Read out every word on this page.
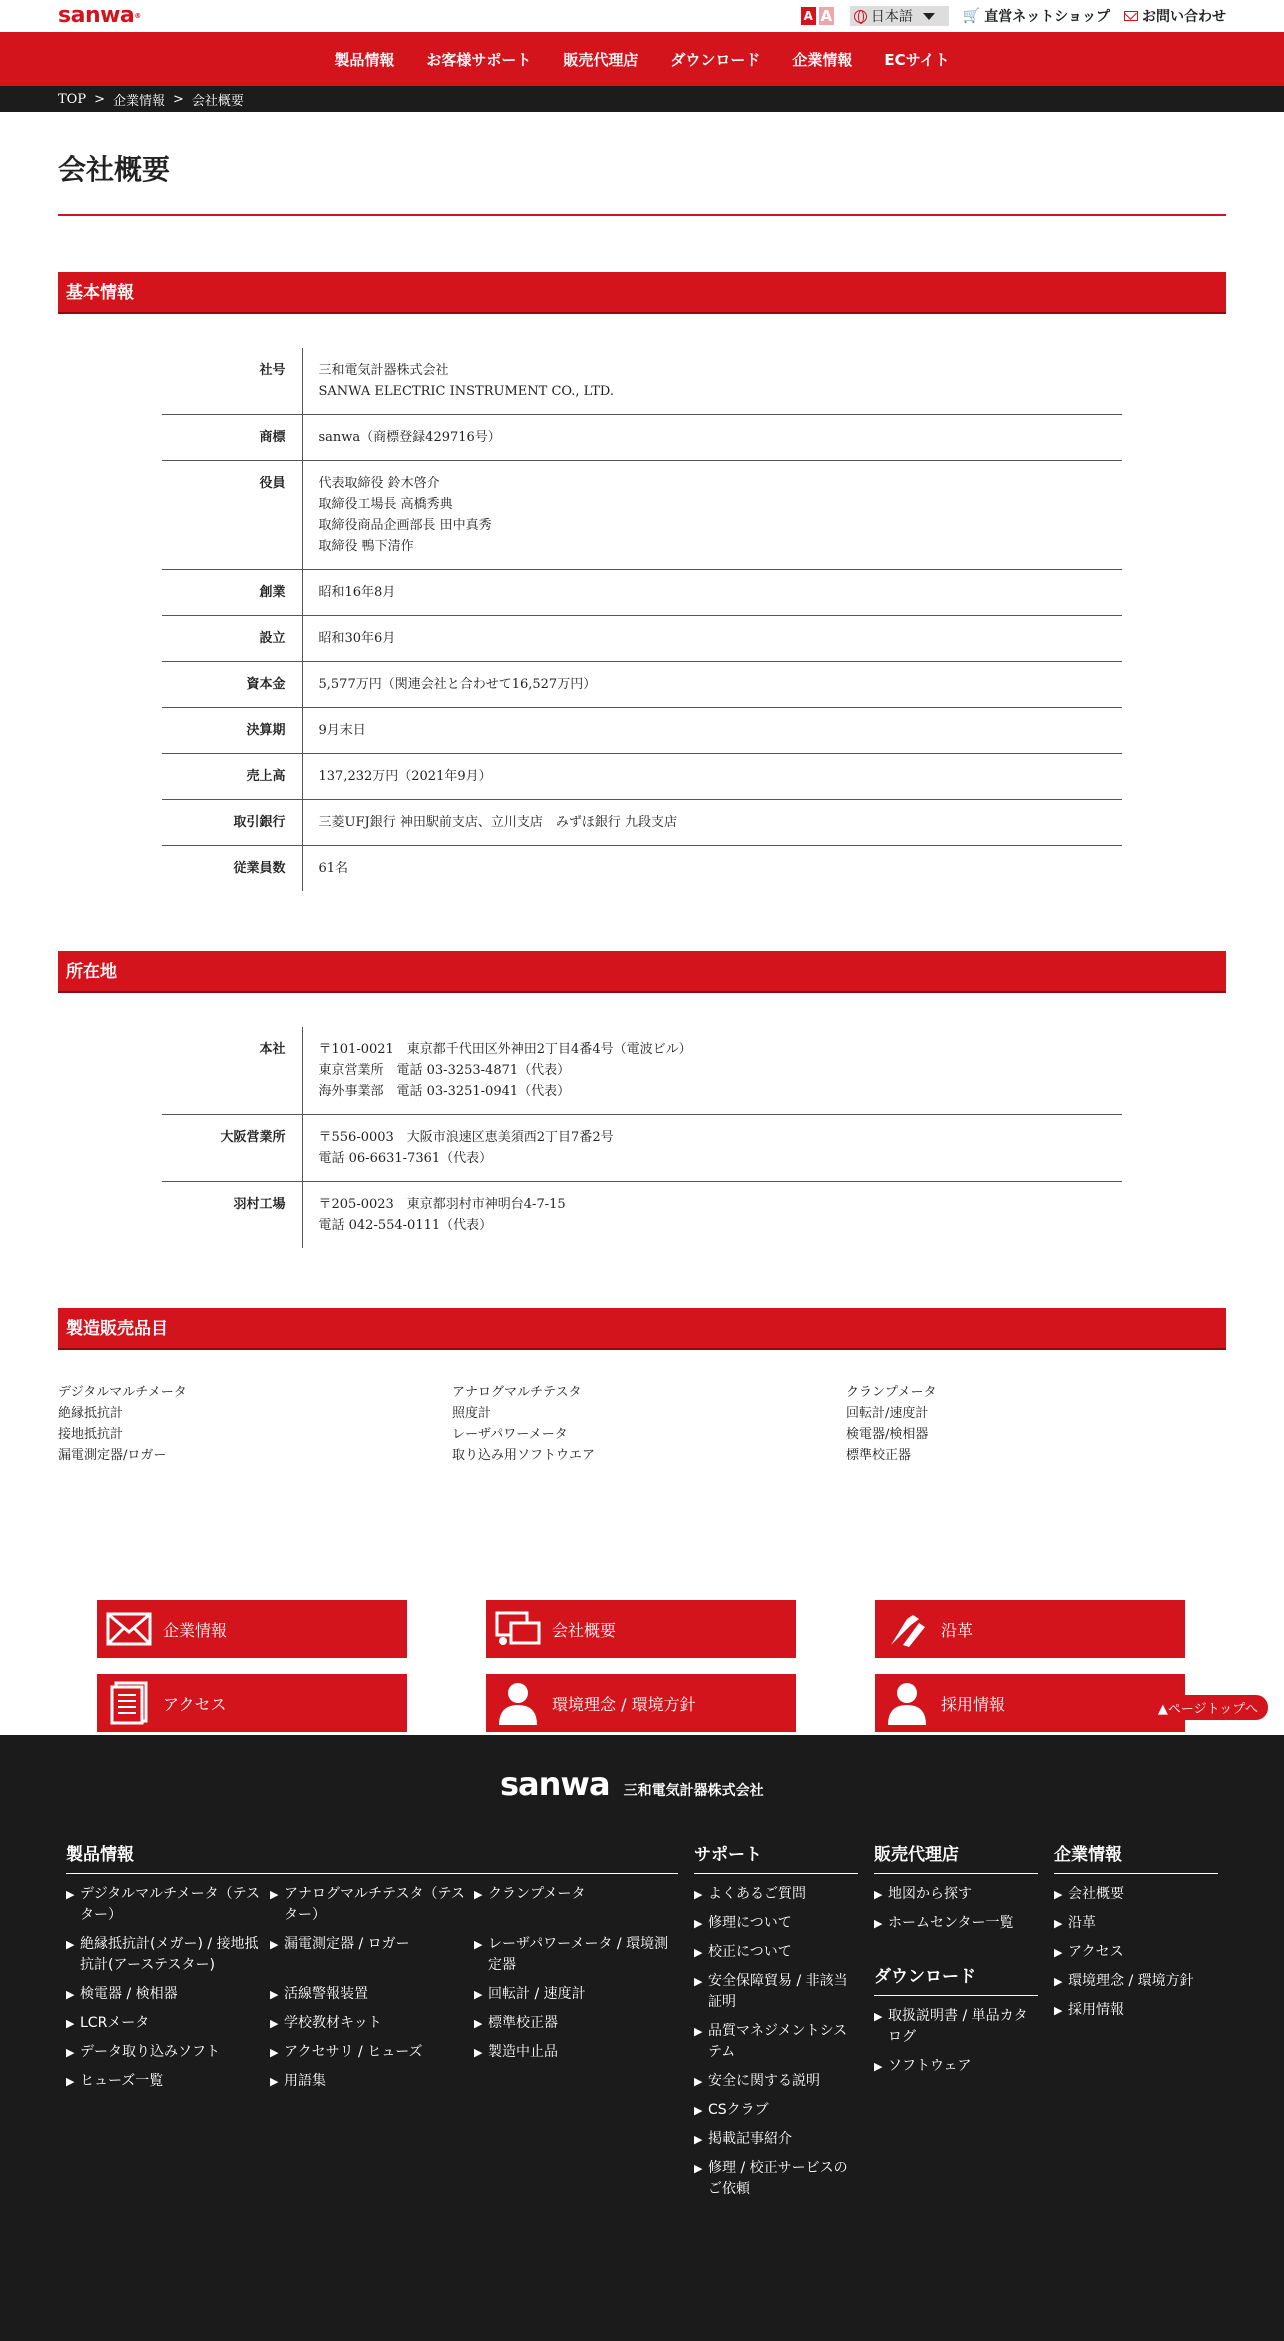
sanwa®	A A	日本語	🛒 直営ネットショップ お問い合わせ
製品情報 お客様サポート 販売代理店 ダウンロード 企業情報 ECサイト
TOP > 企業情報 > 会社概要
会社概要
基本情報
社号	三和電気計器株式会社
SANWA ELECTRIC INSTRUMENT CO., LTD.

商標	sanwa（商標登録429716号）

役員	代表取締役 鈴木啓介
取締役工場長 高橋秀典
取締役商品企画部長 田中真秀
取締役 鴨下清作

創業	昭和16年8月

設立	昭和30年6月

資本金	5,577万円（関連会社と合わせて16,527万円）

決算期	9月末日

売上高	137,232万円（2021年9月）

取引銀行	三菱UFJ銀行 神田駅前支店、立川支店　みずほ銀行 九段支店

従業員数	61名
所在地
本社	〒101-0021　東京都千代田区外神田2丁目4番4号（電波ビル）
東京営業所　電話 03-3253-4871（代表）
海外事業部　電話 03-3251-0941（代表）

大阪営業所	〒556-0003　大阪市浪速区恵美須西2丁目7番2号
電話 06-6631-7361（代表）

羽村工場	〒205-0023　東京都羽村市神明台4-7-15
電話 042-554-0111（代表）
製造販売品目
デジタルマルチメータ
絶縁抵抗計
接地抵抗計
漏電測定器/ロガー
アナログマルチテスタ
照度計
レーザパワーメータ
取り込み用ソフトウエア
クランプメータ
回転計/速度計
検電器/検相器
標準校正器
企業情報	会社概要	沿革
アクセス	環境理念 / 環境方針	採用情報	▲ページトップへ
sanwa 三和電気計器株式会社
製品情報
▶ デジタルマルチメータ（テスター）
▶ アナログマルチテスタ（テスター）
▶ クランプメータ
▶ 絶縁抵抗計(メガー) / 接地抵抗計(アーステスター)
▶ 漏電測定器 / ロガー	▶ レーザパワーメータ / 環境測定器
▶ 検電器 / 検相器	▶ 活線警報装置	▶ 回転計 / 速度計
▶ LCRメータ	▶ 学校教材キット	▶ 標準校正器
▶ データ取り込みソフト	▶ アクセサリ / ヒューズ	▶ 製造中止品
▶ ヒューズ一覧	▶ 用語集
サポート
▶ よくあるご質問
▶ 修理について
▶ 校正について
▶ 安全保障貿易 / 非該当証明
▶ 品質マネジメントシステム
▶ 安全に関する説明
▶ CSクラブ
▶ 掲載記事紹介
▶ 修理 / 校正サービスのご依頼
販売代理店
▶ 地図から探す
▶ ホームセンター一覧
ダウンロード
▶ 取扱説明書 / 単品カタログ
▶ ソフトウェア
企業情報
▶ 会社概要
▶ 沿革
▶ アクセス
▶ 環境理念 / 環境方針
▶ 採用情報
